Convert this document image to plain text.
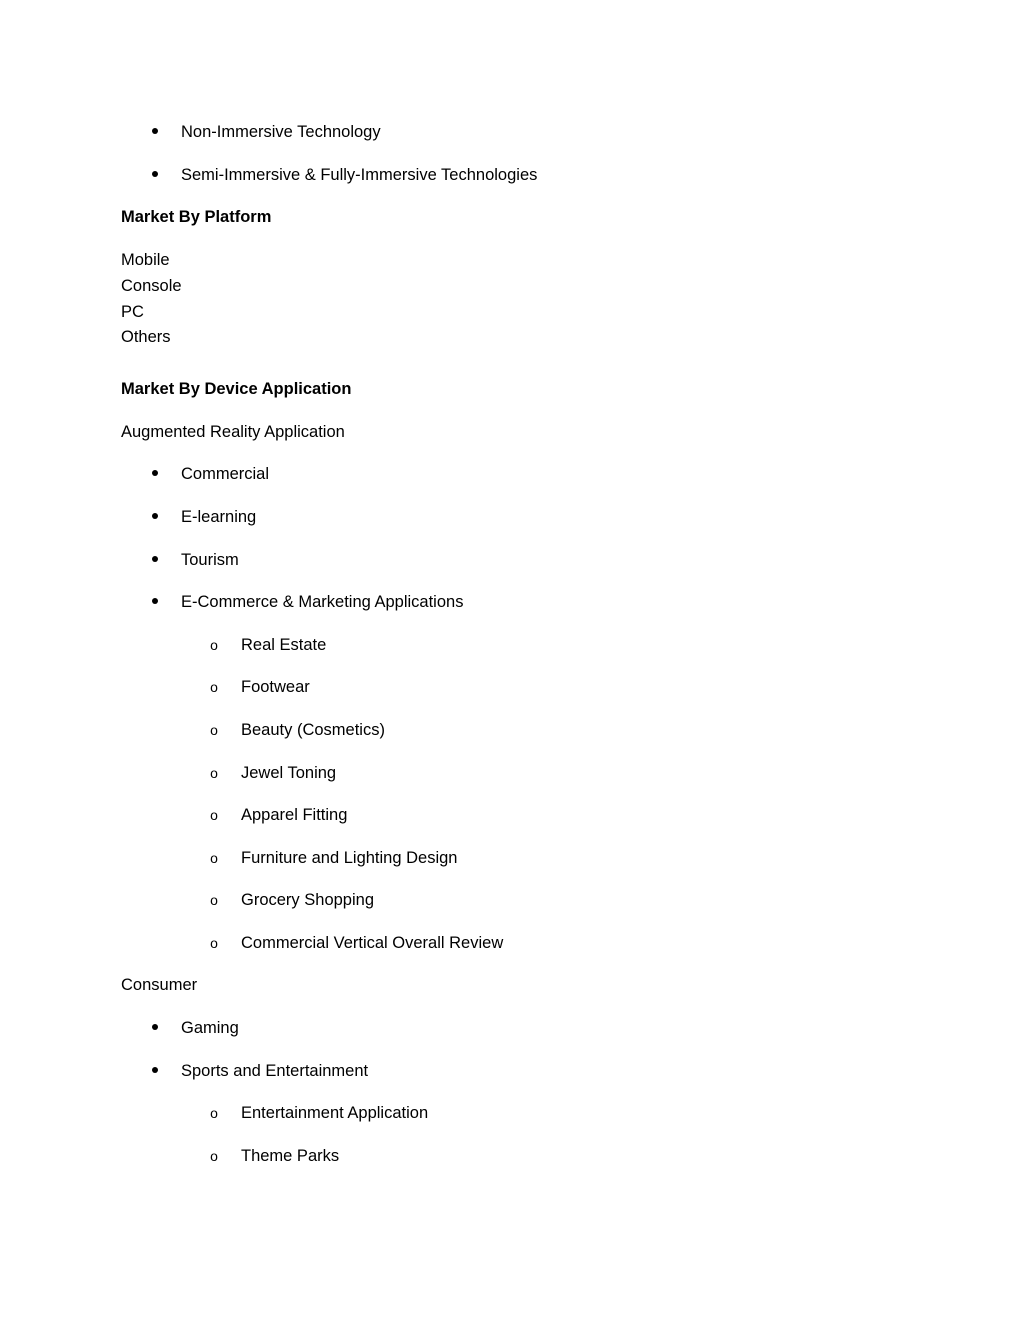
Non-Immersive Technology
Semi-Immersive & Fully-Immersive Technologies
Market By Platform
Mobile
Console
PC
Others
Market By Device Application
Augmented Reality Application
Commercial
E-learning
Tourism
E-Commerce & Marketing Applications
o Real Estate
o Footwear
o Beauty (Cosmetics)
o Jewel Toning
o Apparel Fitting
o Furniture and Lighting Design
o Grocery Shopping
o Commercial Vertical Overall Review
Consumer
Gaming
Sports and Entertainment
o Entertainment Application
o Theme Parks
